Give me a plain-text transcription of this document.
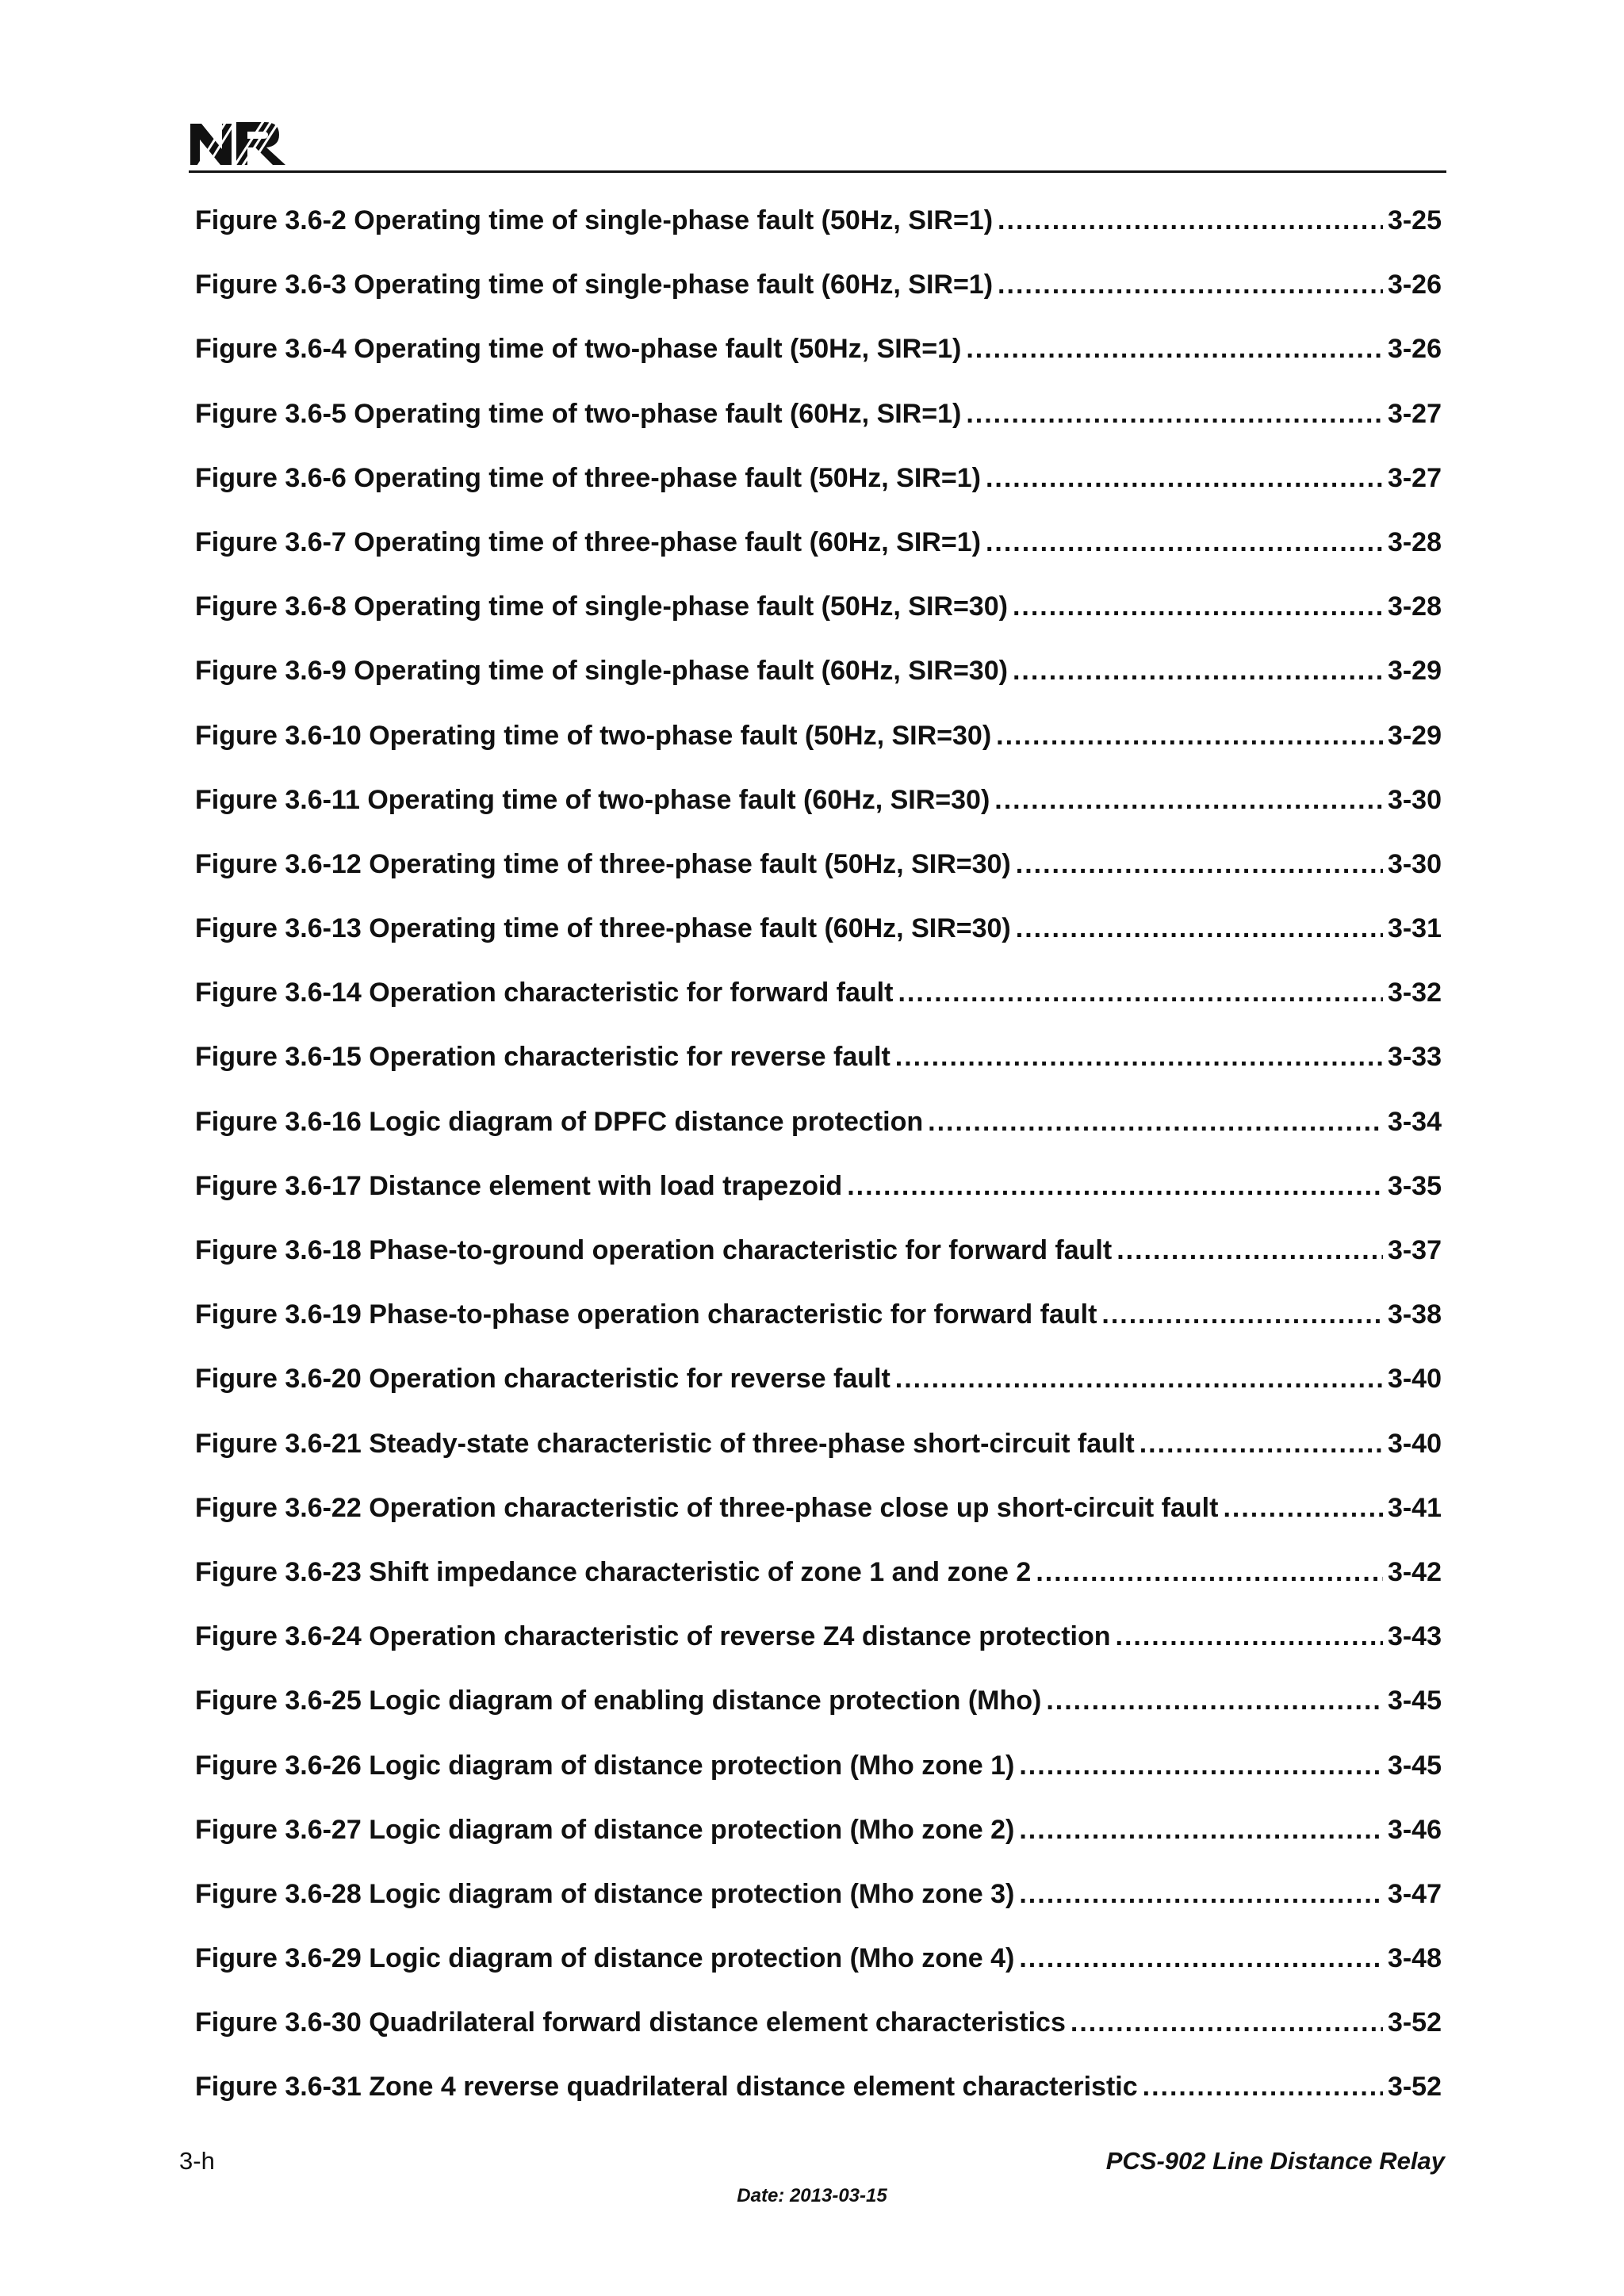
Figure 3.6-2 Operating time of single-phase fault (50Hz, SIR=1) .....	3-25
Figure 3.6-3 Operating time of single-phase fault (60Hz, SIR=1) .....	3-26
Figure 3.6-4 Operating time of two-phase fault (50Hz, SIR=1) .....	3-26
Figure 3.6-5 Operating time of two-phase fault (60Hz, SIR=1) .....	3-27
Figure 3.6-6 Operating time of three-phase fault (50Hz, SIR=1) .....	3-27
Figure 3.6-7 Operating time of three-phase fault (60Hz, SIR=1) .....	3-28
Figure 3.6-8 Operating time of single-phase fault (50Hz, SIR=30) .....	3-28
Figure 3.6-9 Operating time of single-phase fault (60Hz, SIR=30) .....	3-29
Figure 3.6-10 Operating time of two-phase fault (50Hz, SIR=30) .....	3-29
Figure 3.6-11 Operating time of two-phase fault (60Hz, SIR=30) .....	3-30
Figure 3.6-12 Operating time of three-phase fault (50Hz, SIR=30) .....	3-30
Figure 3.6-13 Operating time of three-phase fault (60Hz, SIR=30) .....	3-31
Figure 3.6-14 Operation characteristic for forward fault .....	3-32
Figure 3.6-15 Operation characteristic for reverse fault .....	3-33
Figure 3.6-16 Logic diagram of DPFC distance protection .....	3-34
Figure 3.6-17 Distance element with load trapezoid .....	3-35
Figure 3.6-18 Phase-to-ground operation characteristic for forward fault .....	3-37
Figure 3.6-19 Phase-to-phase operation characteristic for forward fault .....	3-38
Figure 3.6-20 Operation characteristic for reverse fault .....	3-40
Figure 3.6-21 Steady-state characteristic of three-phase short-circuit fault .....	3-40
Figure 3.6-22 Operation characteristic of three-phase close up short-circuit fault .....	3-41
Figure 3.6-23 Shift impedance characteristic of zone 1 and zone 2 .....	3-42
Figure 3.6-24 Operation characteristic of reverse Z4 distance protection .....	3-43
Figure 3.6-25 Logic diagram of enabling distance protection (Mho) .....	3-45
Figure 3.6-26 Logic diagram of distance protection (Mho zone 1) .....	3-45
Figure 3.6-27 Logic diagram of distance protection (Mho zone 2) .....	3-46
Figure 3.6-28 Logic diagram of distance protection (Mho zone 3) .....	3-47
Figure 3.6-29 Logic diagram of distance protection (Mho zone 4) .....	3-48
Figure 3.6-30 Quadrilateral forward distance element characteristics .....	3-52
Figure 3.6-31 Zone 4 reverse quadrilateral distance element characteristic .....	3-52
3-h	PCS-902 Line Distance Relay
Date: 2013-03-15
